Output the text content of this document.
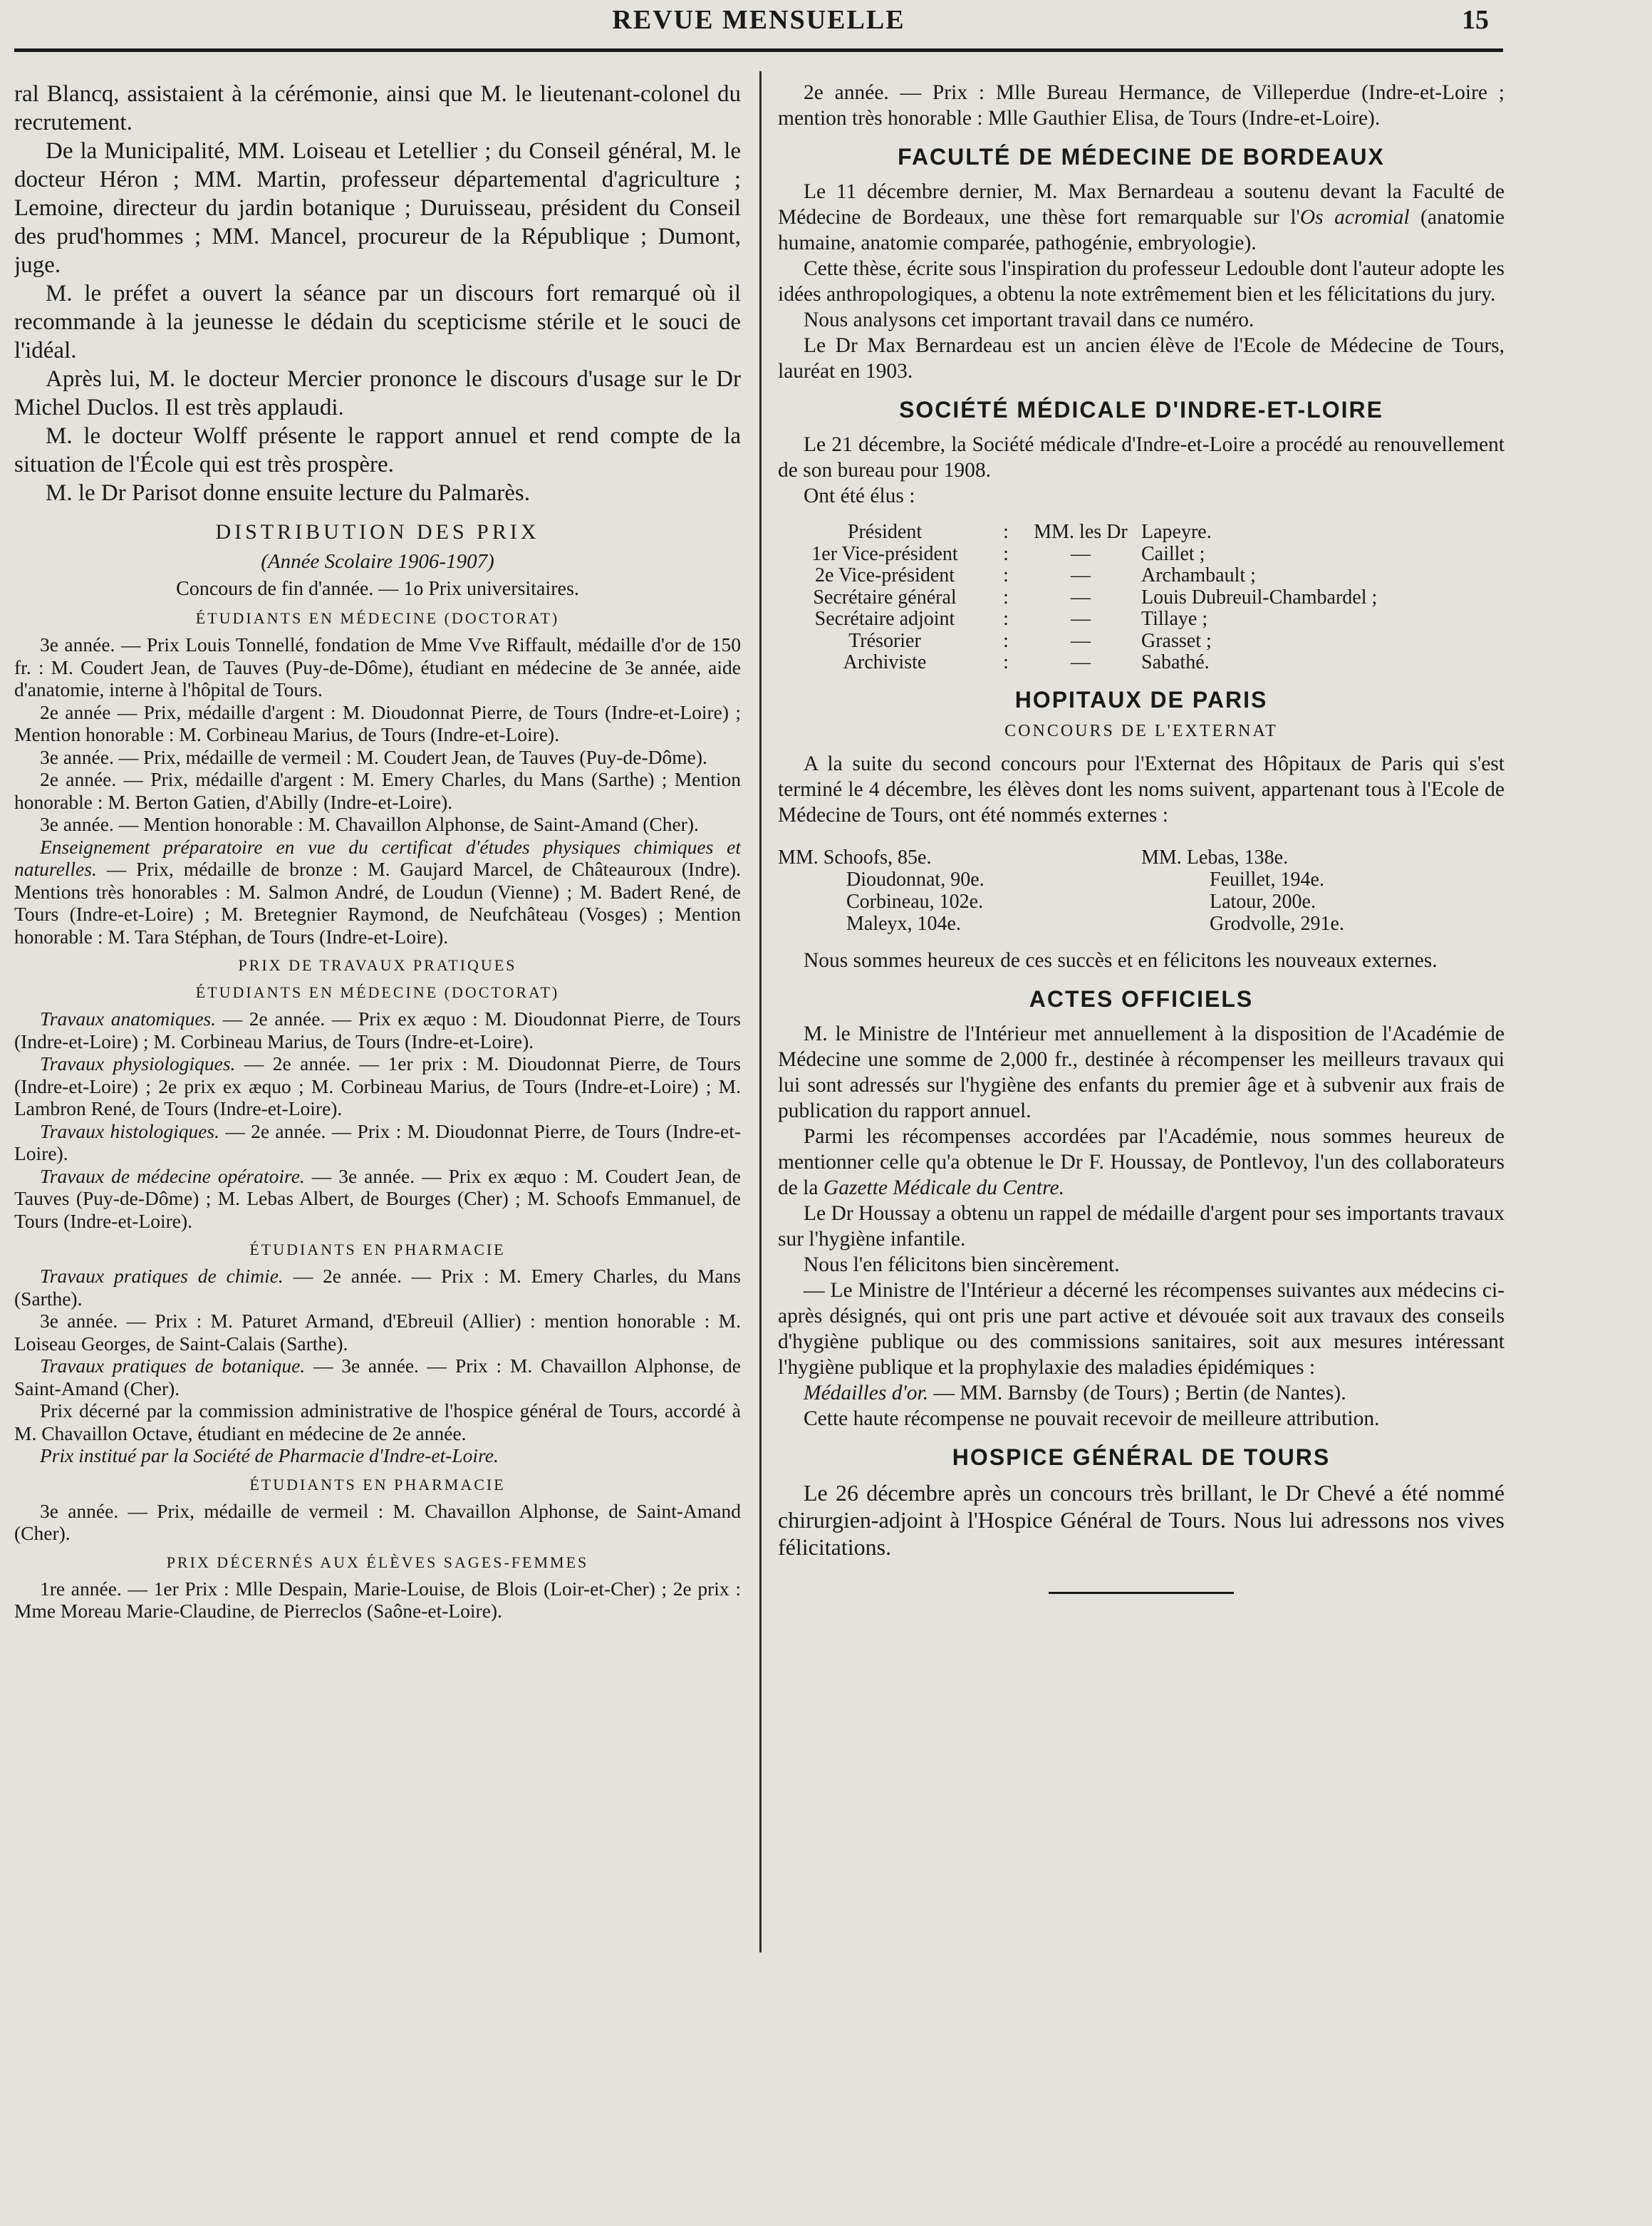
REVUE MENSUELLE	15

ral Blancq, assistaient à la cérémonie, ainsi que M. le lieutenant-colonel du recrutement.

De la Municipalité, MM. Loiseau et Letellier ; du Conseil général, M. le docteur Héron ; MM. Martin, professeur départemental d'agriculture ; Lemoine, directeur du jardin botanique ; Duruisseau, président du Conseil des prud'hommes ; MM. Mancel, procureur de la République ; Dumont, juge.

M. le préfet a ouvert la séance par un discours fort remarqué où il recommande à la jeunesse le dédain du scepticisme stérile et le souci de l'idéal.

Après lui, M. le docteur Mercier prononce le discours d'usage sur le Dr Michel Duclos. Il est très applaudi.

M. le docteur Wolff présente le rapport annuel et rend compte de la situation de l'École qui est très prospère.

M. le Dr Parisot donne ensuite lecture du Palmarès.

DISTRIBUTION DES PRIX
(Année Scolaire 1906-1907)
Concours de fin d'année. — 1o Prix universitaires.
ÉTUDIANTS EN MÉDECINE (DOCTORAT)

3e année. — Prix Louis Tonnellé, fondation de Mme Vve Riffault, médaille d'or de 150 fr. : M. Coudert Jean, de Tauves (Puy-de-Dôme), étudiant en médecine de 3e année, aide d'anatomie, interne à l'hôpital de Tours.

2e année — Prix, médaille d'argent : M. Dioudonnat Pierre, de Tours (Indre-et-Loire) ; Mention honorable : M. Corbineau Marius, de Tours (Indre-et-Loire).

3e année. — Prix, médaille de vermeil : M. Coudert Jean, de Tauves (Puy-de-Dôme).

2e année. — Prix, médaille d'argent : M. Emery Charles, du Mans (Sarthe) ; Mention honorable : M. Berton Gatien, d'Abilly (Indre-et-Loire).

3e année. — Mention honorable : M. Chavaillon Alphonse, de Saint-Amand (Cher).

Enseignement préparatoire en vue du certificat d'études physiques chimiques et naturelles. — Prix, médaille de bronze : M. Gaujard Marcel, de Châteauroux (Indre). Mentions très honorables : M. Salmon André, de Loudun (Vienne) ; M. Badert René, de Tours (Indre-et-Loire) ; M. Bretegnier Raymond, de Neufchâteau (Vosges) ; Mention honorable : M. Tara Stéphan, de Tours (Indre-et-Loire).

PRIX DE TRAVAUX PRATIQUES
ÉTUDIANTS EN MÉDECINE (DOCTORAT)

Travaux anatomiques. — 2e année. — Prix ex æquo : M. Dioudonnat Pierre, de Tours (Indre-et-Loire) ; M. Corbineau Marius, de Tours (Indre-et-Loire).

Travaux physiologiques. — 2e année. — 1er prix : M. Dioudonnat Pierre, de Tours (Indre-et-Loire) ; 2e prix ex æquo ; M. Corbineau Marius, de Tours (Indre-et-Loire) ; M. Lambron René, de Tours (Indre-et-Loire).

Travaux histologiques. — 2e année. — Prix : M. Dioudonnat Pierre, de Tours (Indre-et-Loire).

Travaux de médecine opératoire. — 3e année. — Prix ex æquo : M. Coudert Jean, de Tauves (Puy-de-Dôme) ; M. Lebas Albert, de Bourges (Cher) ; M. Schoofs Emmanuel, de Tours (Indre-et-Loire).

ÉTUDIANTS EN PHARMACIE

Travaux pratiques de chimie. — 2e année. — Prix : M. Emery Charles, du Mans (Sarthe).

3e année. — Prix : M. Paturet Armand, d'Ebreuil (Allier) : mention honorable : M. Loiseau Georges, de Saint-Calais (Sarthe).

Travaux pratiques de botanique. — 3e année. — Prix : M. Chavaillon Alphonse, de Saint-Amand (Cher).

Prix décerné par la commission administrative de l'hospice général de Tours, accordé à M. Chavaillon Octave, étudiant en médecine de 2e année.

Prix institué par la Société de Pharmacie d'Indre-et-Loire.

ÉTUDIANTS EN PHARMACIE

3e année. — Prix, médaille de vermeil : M. Chavaillon Alphonse, de Saint-Amand (Cher).

PRIX DÉCERNÉS AUX ÉLÈVES SAGES-FEMMES

1re année. — 1er Prix : Mlle Despain, Marie-Louise, de Blois (Loir-et-Cher) ; 2e prix : Mme Moreau Marie-Claudine, de Pierreclos (Saône-et-Loire).

2e année. — Prix : Mlle Bureau Hermance, de Villeperdue (Indre-et-Loire ; mention très honorable : Mlle Gauthier Elisa, de Tours (Indre-et-Loire).

FACULTÉ DE MÉDECINE DE BORDEAUX

Le 11 décembre dernier, M. Max Bernardeau a soutenu devant la Faculté de Médecine de Bordeaux, une thèse fort remarquable sur l'Os acromial (anatomie humaine, anatomie comparée, pathogénie, embryologie).

Cette thèse, écrite sous l'inspiration du professeur Ledouble dont l'auteur adopte les idées anthropologiques, a obtenu la note extrêmement bien et les félicitations du jury.

Nous analysons cet important travail dans ce numéro.

Le Dr Max Bernardeau est un ancien élève de l'Ecole de Médecine de Tours, lauréat en 1903.

SOCIÉTÉ MÉDICALE D'INDRE-ET-LOIRE

Le 21 décembre, la Société médicale d'Indre-et-Loire a procédé au renouvellement de son bureau pour 1908.

Ont été élus :

Président	:	MM. les Dr	Lapeyre.
1er Vice-président	:	—	Caillet ;
2e Vice-président	:	—	Archambault ;
Secrétaire général	:	—	Louis Dubreuil-Chambardel ;
Secrétaire adjoint	:	—	Tillaye ;
Trésorier	:	—	Grasset ;
Archiviste	:	—	Sabathé.
HOPITAUX DE PARIS
CONCOURS DE L'EXTERNAT

A la suite du second concours pour l'Externat des Hôpitaux de Paris qui s'est terminé le 4 décembre, les élèves dont les noms suivent, appartenant tous à l'Ecole de Médecine de Tours, ont été nommés externes :

MM. Schoofs, 85e.	MM. Lebas, 138e.
Dioudonnat, 90e.	Feuillet, 194e.
Corbineau, 102e.	Latour, 200e.
Maleyx, 104e.	Grodvolle, 291e.

Nous sommes heureux de ces succès et en félicitons les nouveaux externes.

ACTES OFFICIELS

M. le Ministre de l'Intérieur met annuellement à la disposition de l'Académie de Médecine une somme de 2,000 fr., destinée à récompenser les meilleurs travaux qui lui sont adressés sur l'hygiène des enfants du premier âge et à subvenir aux frais de publication du rapport annuel.

Parmi les récompenses accordées par l'Académie, nous sommes heureux de mentionner celle qu'a obtenue le Dr F. Houssay, de Pontlevoy, l'un des collaborateurs de la Gazette Médicale du Centre.

Le Dr Houssay a obtenu un rappel de médaille d'argent pour ses importants travaux sur l'hygiène infantile.

Nous l'en félicitons bien sincèrement.

— Le Ministre de l'Intérieur a décerné les récompenses suivantes aux médecins ci-après désignés, qui ont pris une part active et dévouée soit aux travaux des conseils d'hygiène publique ou des commissions sanitaires, soit aux mesures intéressant l'hygiène publique et la prophylaxie des maladies épidémiques :

Médailles d'or. — MM. Barnsby (de Tours) ; Bertin (de Nantes).

Cette haute récompense ne pouvait recevoir de meilleure attribution.

HOSPICE GÉNÉRAL DE TOURS

Le 26 décembre après un concours très brillant, le Dr Chevé a été nommé chirurgien-adjoint à l'Hospice Général de Tours. Nous lui adressons nos vives félicitations.
